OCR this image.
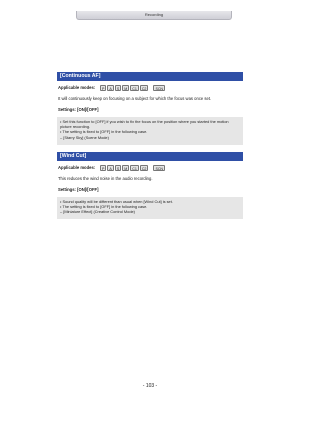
Recording
[Continuous AF]
Applicable modes:	P	A	S	M	C1	C2	SCN
It will continuously keep on focusing on a subject for which the focus was once set.
Settings: [ON]/[OFF]
• Set this function to [OFF] if you wish to fix the focus on the position where you started the motion
picture recording.
• The setting is fixed to [OFF] in the following case.
– [Starry Sky] (Scene Mode)
[Wind Cut]
Applicable modes:	P	A	S	M	C1	C2	SCN
This reduces the wind noise in the audio recording.
Settings: [ON]/[OFF]
• Sound quality will be different than usual when [Wind Cut] is set.
• The setting is fixed to [OFF] in the following case.
– [Miniature Effect] (Creative Control Mode)
- 103 -
